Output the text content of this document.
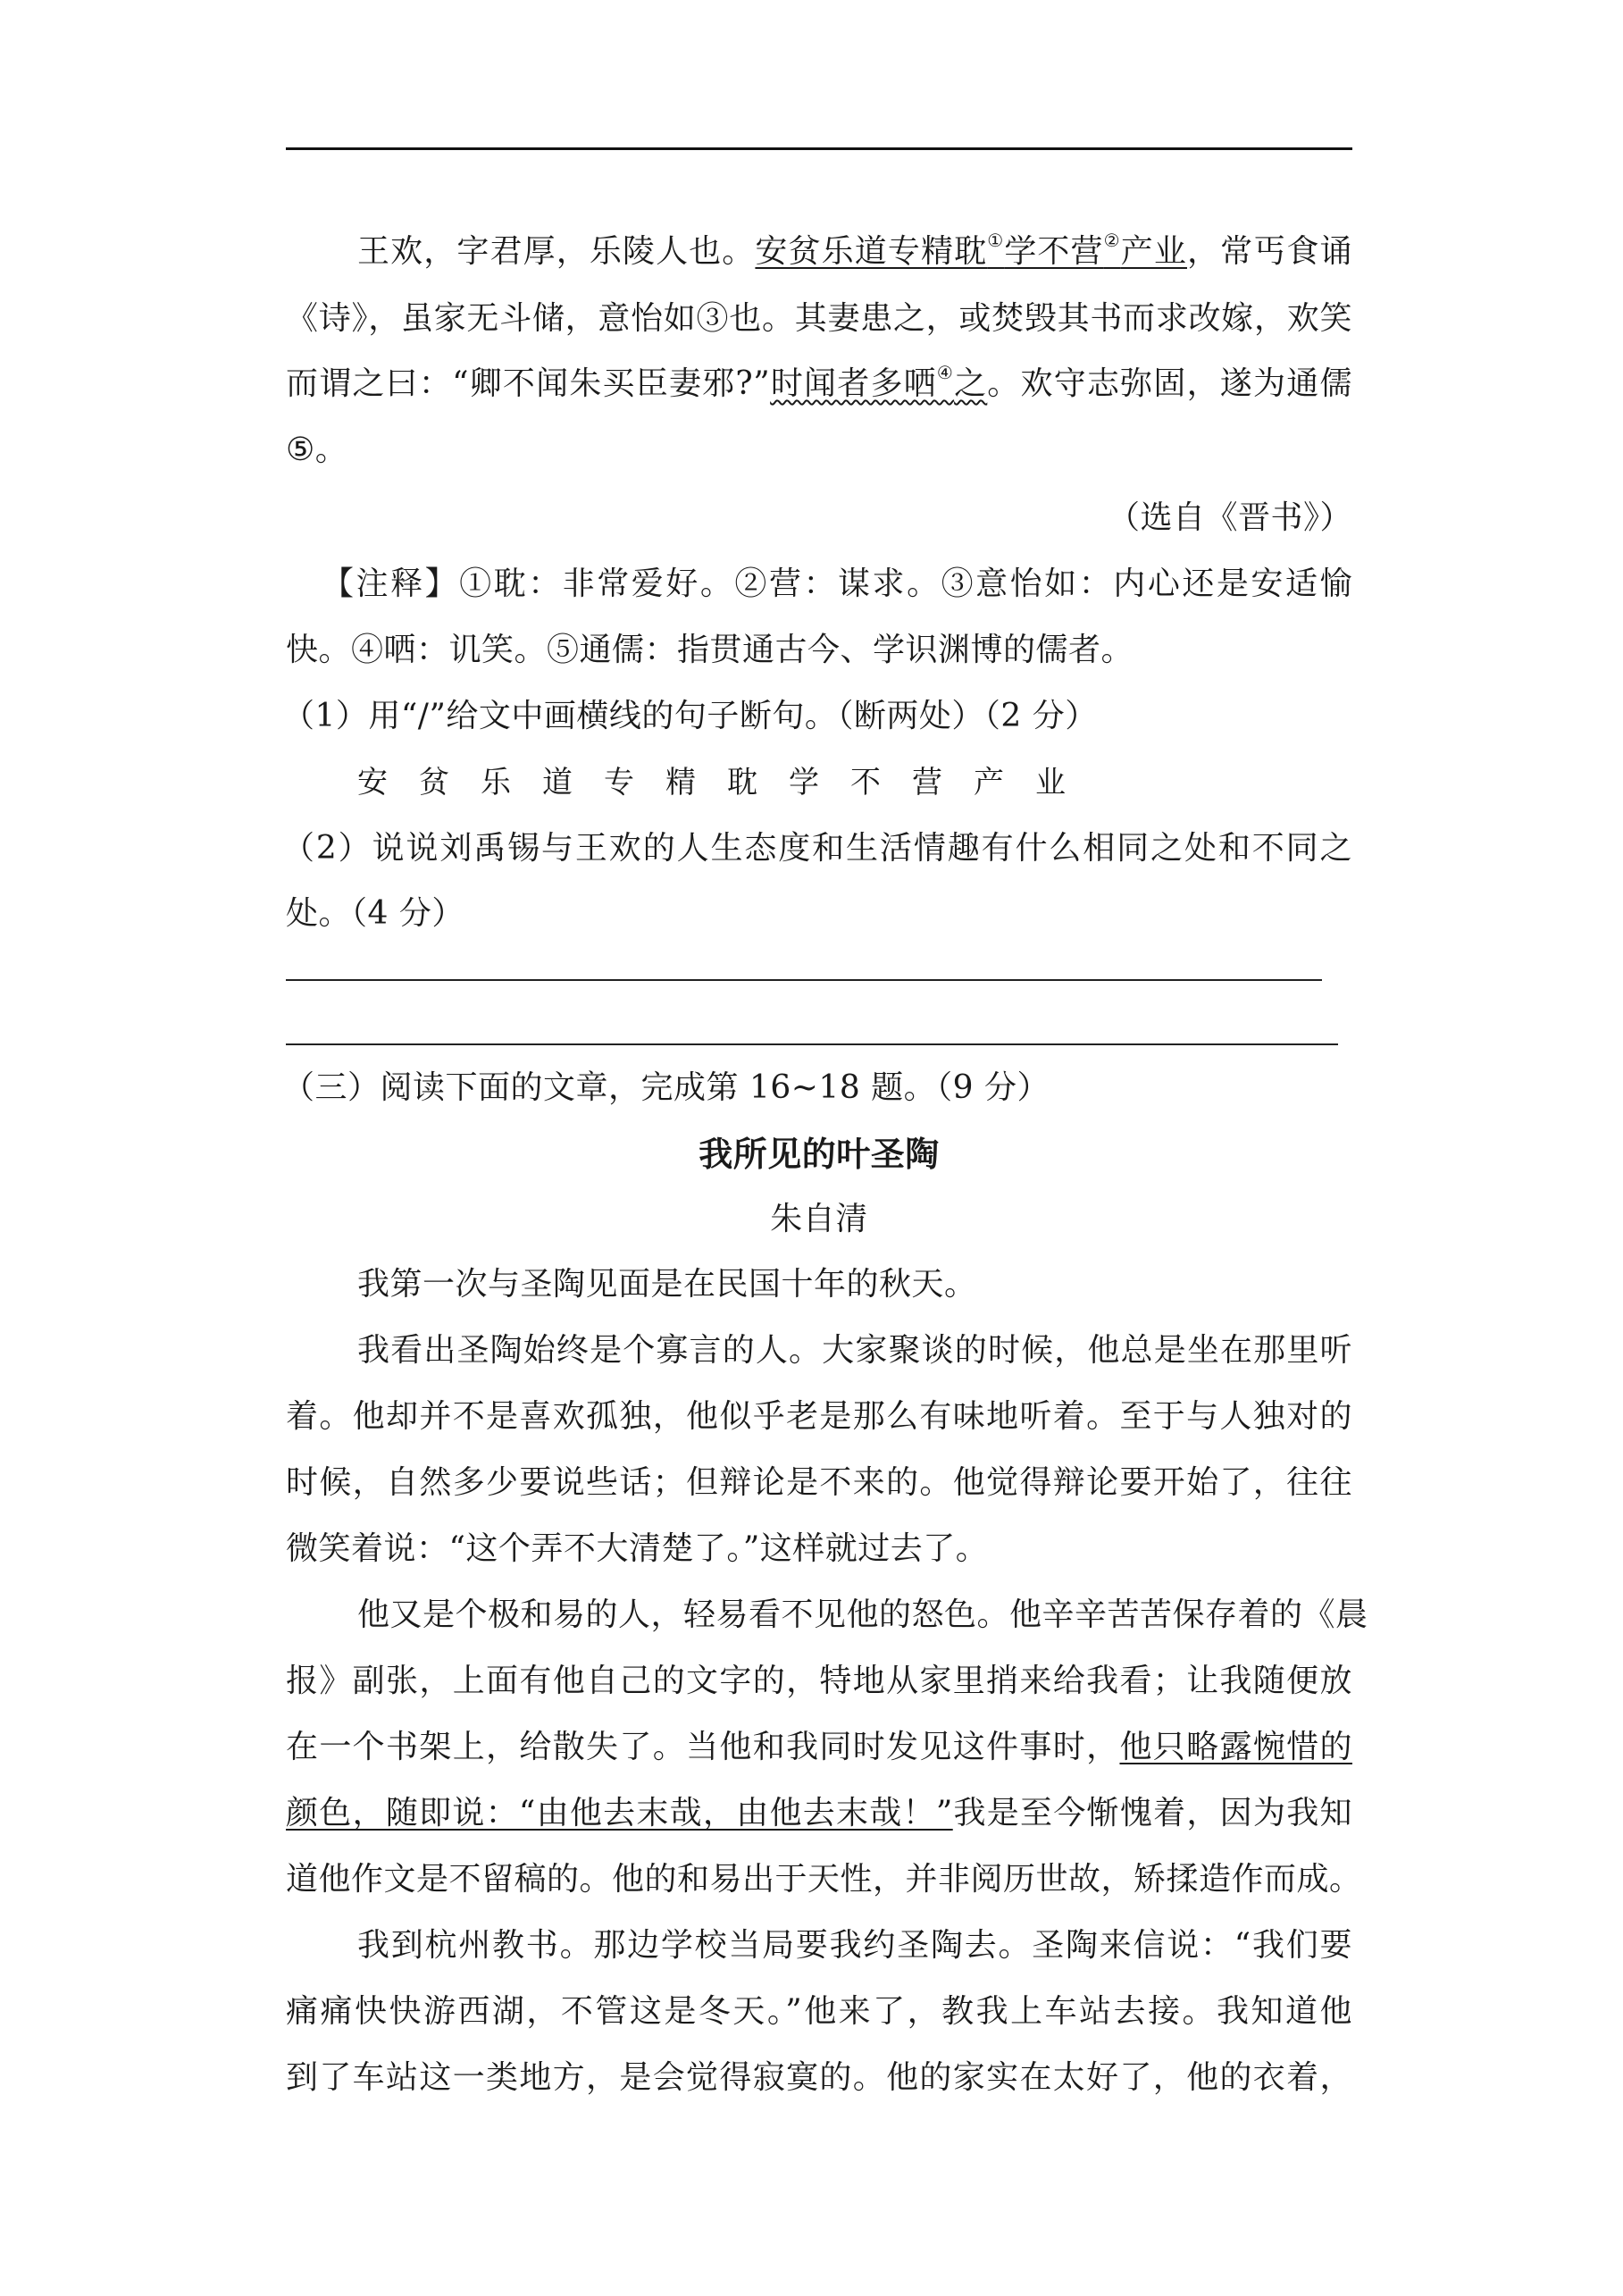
王欢，字君厚，乐陵人也。安贫乐道专精耽①学不营②产业，常丐食诵
《诗》，虽家无斗储，意怡如③也。其妻患之，或焚毁其书而求改嫁，欢笑
而谓之曰：“卿不闻朱买臣妻邪?”时闻者多哂④之。欢守志弥固，遂为通儒
⑤。
（选自《晋书》）
【注释】①耽：非常爱好。②营：谋求。③意怡如：内心还是安适愉
快。④哂：讥笑。⑤通儒：指贯通古今、学识渊博的儒者。
（1）用“/”给文中画横线的句子断句。（断两处）（2 分）
安贫乐道专精耽学不营产业
（2）说说刘禹锡与王欢的人生态度和生活情趣有什么相同之处和不同之
处。（4 分）
（三）阅读下面的文章，完成第 16~18 题。（9 分）
我所见的叶圣陶
朱自清
我第一次与圣陶见面是在民国十年的秋天。
我看出圣陶始终是个寡言的人。大家聚谈的时候，他总是坐在那里听
着。他却并不是喜欢孤独，他似乎老是那么有味地听着。至于与人独对的
时候，自然多少要说些话；但辩论是不来的。他觉得辩论要开始了，往往
微笑着说：“这个弄不大清楚了。”这样就过去了。
他又是个极和易的人，轻易看不见他的怒色。他辛辛苦苦保存着的《晨
报》副张，上面有他自己的文字的，特地从家里捎来给我看；让我随便放
在一个书架上，给散失了。当他和我同时发见这件事时，他只略露惋惜的
颜色，随即说：“由他去末哉，由他去末哉！”我是至今惭愧着，因为我知
道他作文是不留稿的。他的和易出于天性，并非阅历世故，矫揉造作而成。
我到杭州教书。那边学校当局要我约圣陶去。圣陶来信说：“我们要
痛痛快快游西湖，不管这是冬天。”他来了，教我上车站去接。我知道他
到了车站这一类地方，是会觉得寂寞的。他的家实在太好了，他的衣着，
